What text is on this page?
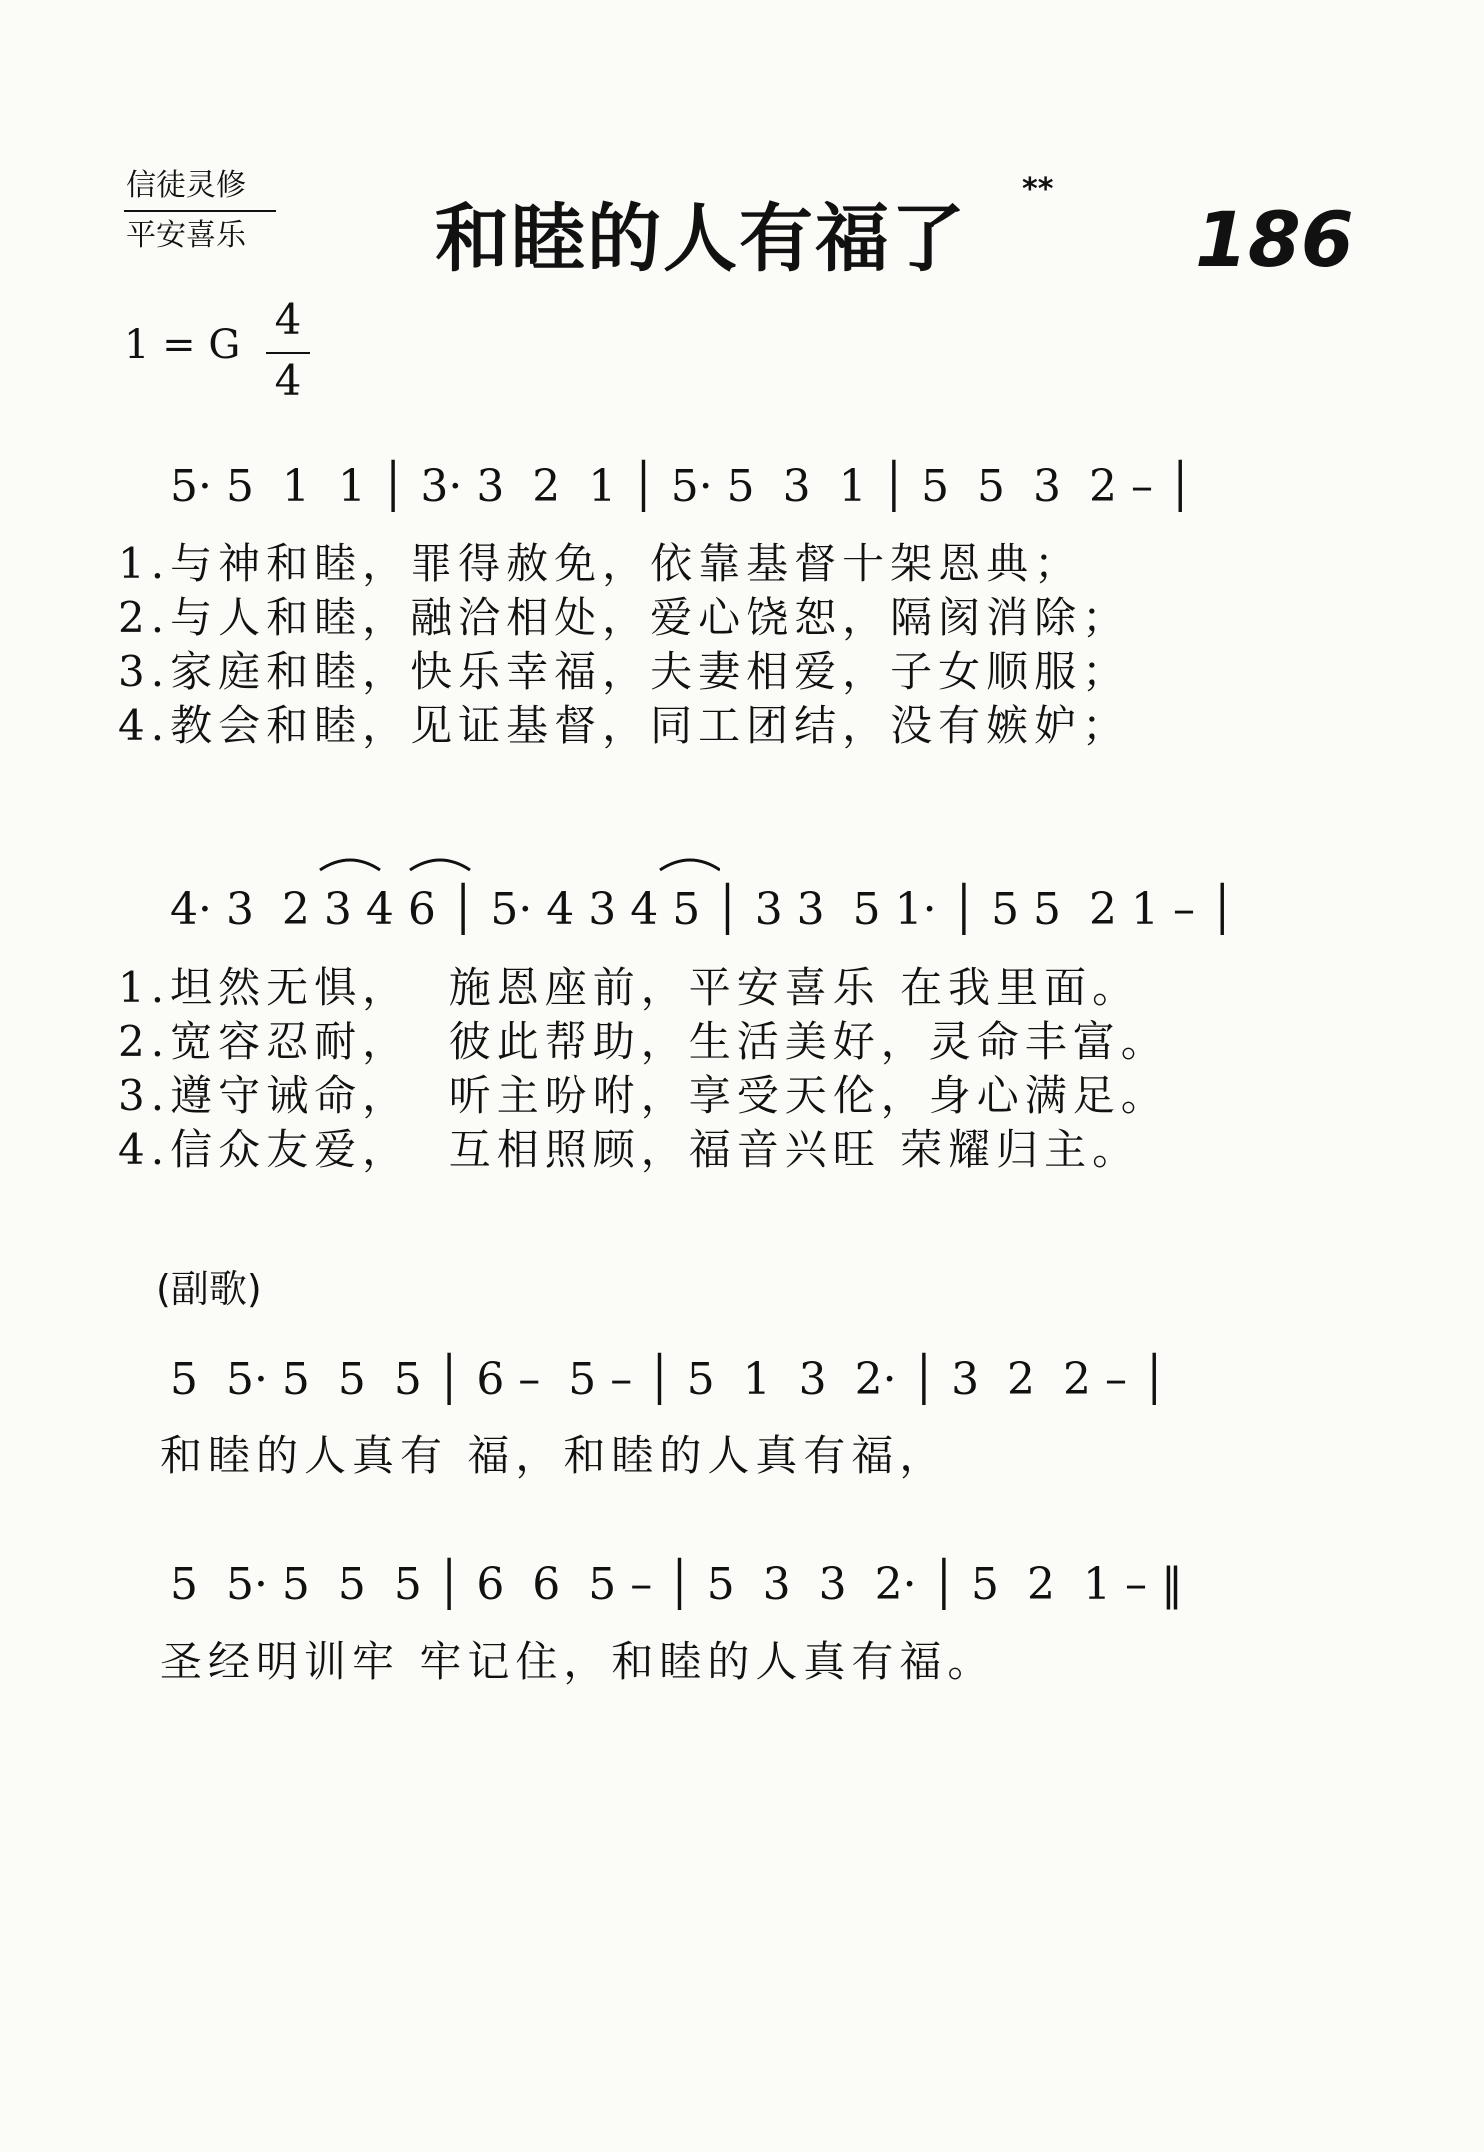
信徒灵修
平安喜乐	和睦的人有福了
**
186
1 = G
4
4
5· 5  1  1 │ 3· 3  2  1 │ 5· 5  3  1 │ 5  5  3  2 – │
1.与神和睦，罪得赦免，依靠基督十架恩典；
2.与人和睦，融洽相处，爱心饶恕，隔阂消除；
3.家庭和睦，快乐幸福，夫妻相爱，子女顺服；
4.教会和睦，见证基督，同工团结，没有嫉妒；
4· 3  2 3 4 6 │ 5· 4 3 4 5 │ 3 3  5 1· │ 5 5  2 1 – │
1.坦然无惧，  施恩座前，平安喜乐 在我里面。
2.宽容忍耐，  彼此帮助，生活美好，灵命丰富。
3.遵守诫命，  听主吩咐，享受天伦，身心满足。
4.信众友爱，  互相照顾，福音兴旺 荣耀归主。
(副歌)
5  5· 5  5  5 │ 6 –  5 – │ 5  1  3  2· │ 3  2  2 – │
和睦的人真有 福，和睦的人真有福，
5  5· 5  5  5 │ 6  6  5 – │ 5  3  3  2· │ 5  2  1 – ‖
圣经明训牢 牢记住，和睦的人真有福。
